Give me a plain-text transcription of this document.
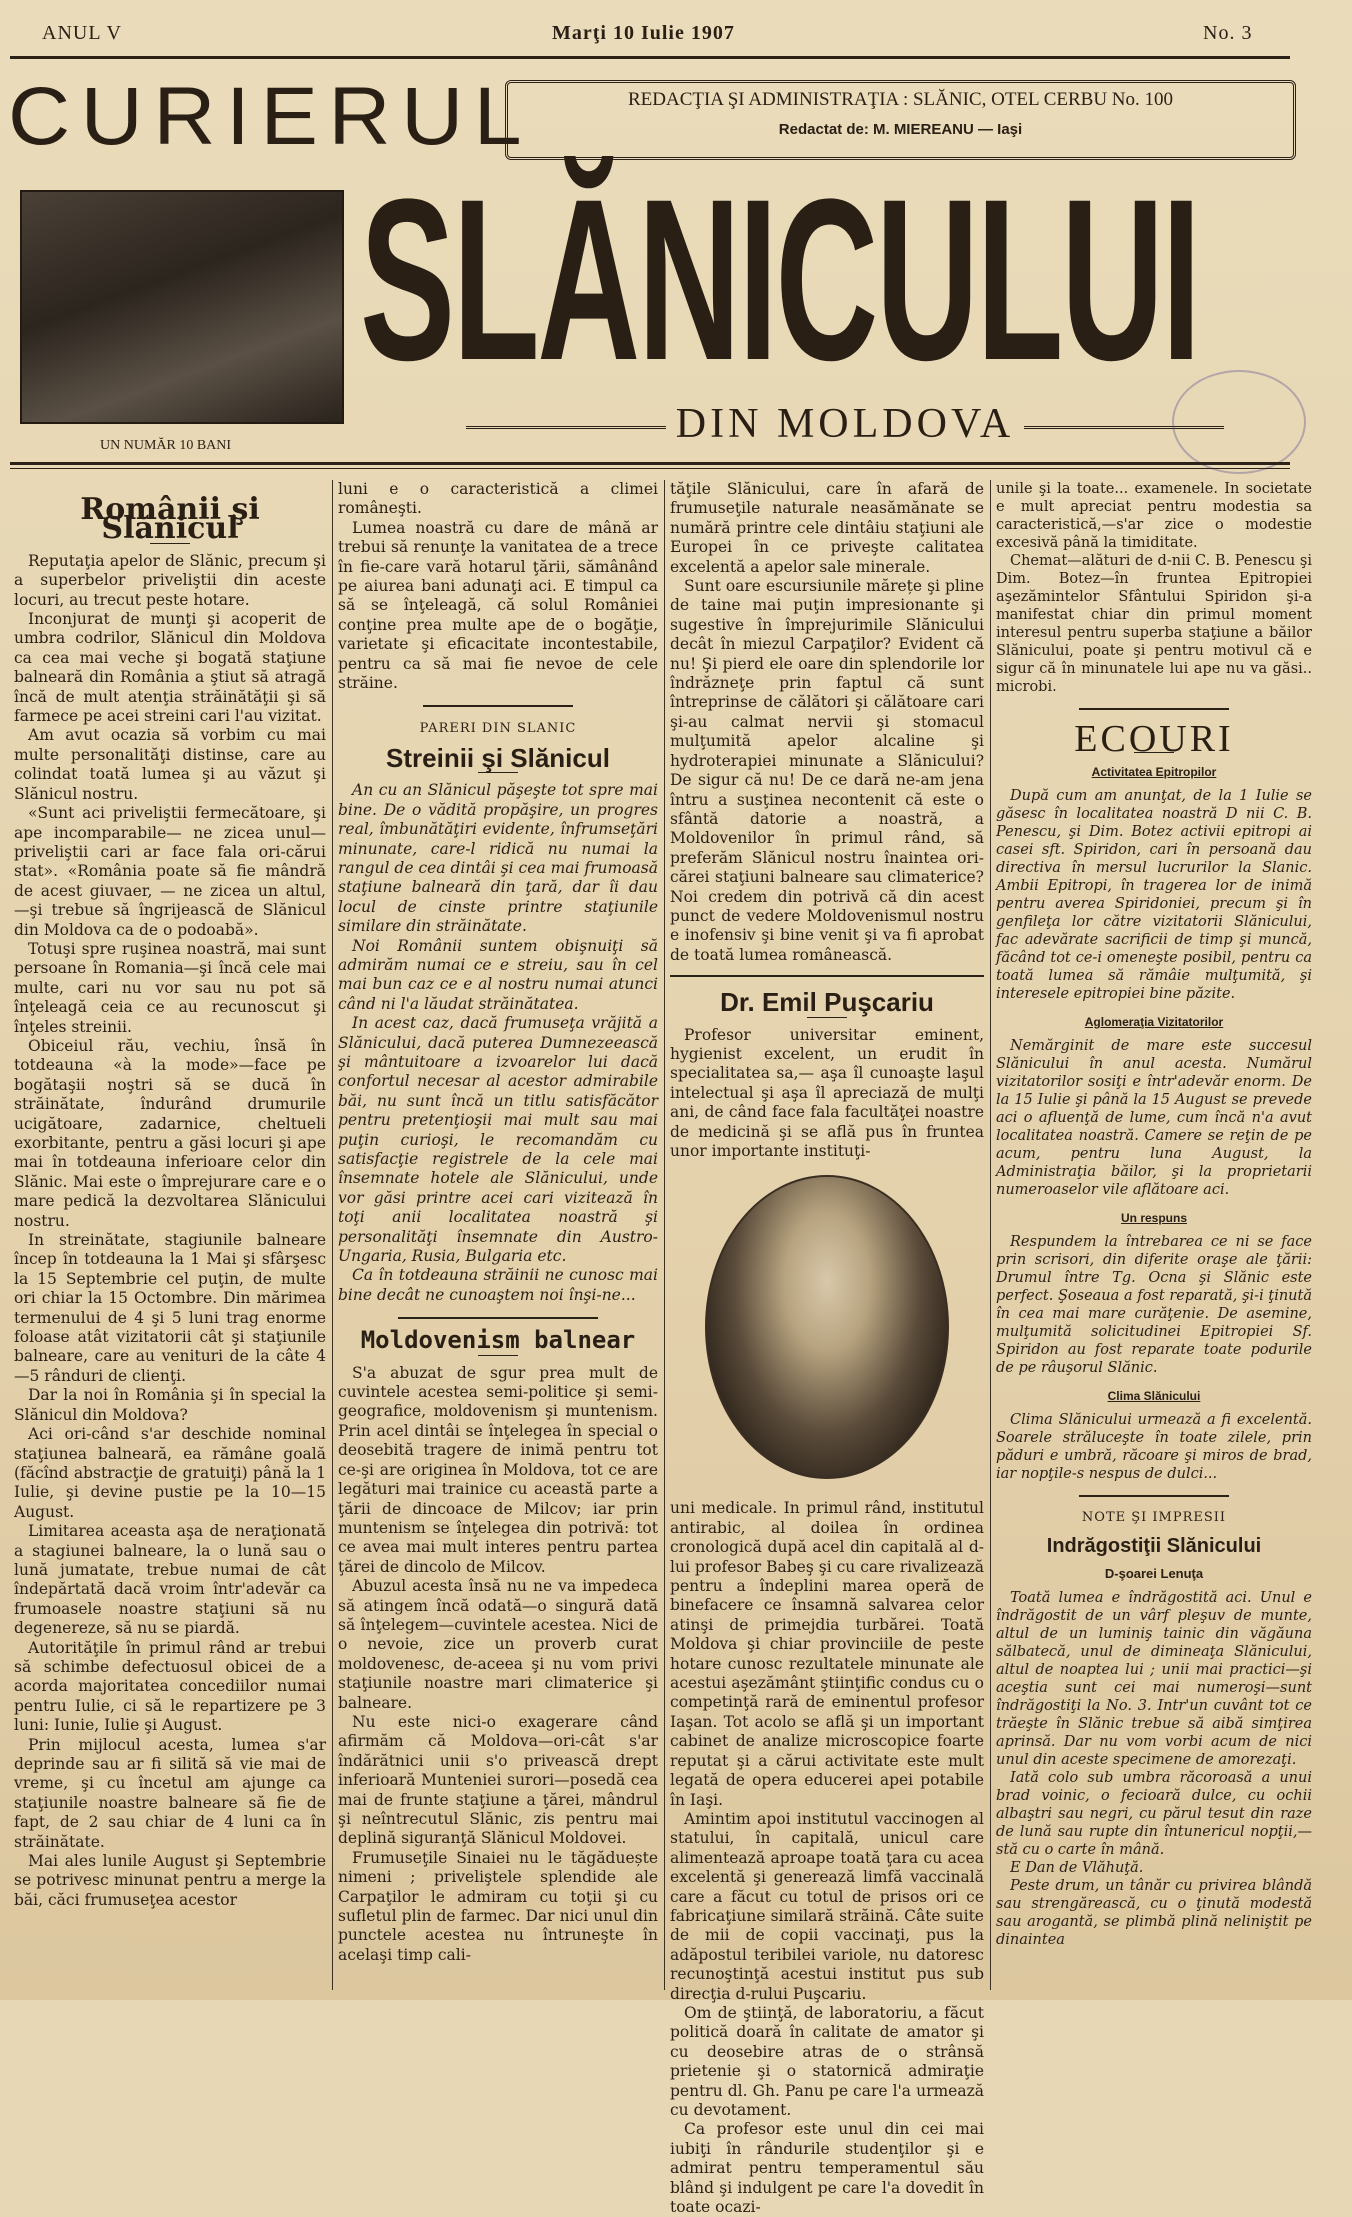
ANUL V	Marţi 10 Iulie 1907	No. 3
CURIERUL	REDACŢIA ŞI ADMINISTRAŢIA : SLĂNIC, OTEL CERBU No. 100
Redactat de: M. MIEREANU — Iaşi
SLĂNICULUI
DIN MOLDOVA
UN NUMĂR 10 BANI
Românii şi Slănicul

Reputaţia apelor de Slănic, precum şi a superbelor priveliştii din aceste locuri, au trecut peste hotare.

Inconjurat de munţi şi acoperit de umbra codrilor, Slănicul din Moldova ca cea mai veche şi bogată staţiune balneară din România a ştiut să atragă încă de mult atenţia străinătăţii şi să farmece pe acei streini cari l'au vizitat.

Am avut ocazia să vorbim cu mai multe personalităţi distinse, care au colindat toată lumea şi au văzut şi Slănicul nostru.

«Sunt aci priveliştii fermecătoare, şi ape incomparabile— ne zicea unul— priveliştii cari ar face fala ori-cărui stat». «România poate să fie mândră de acest giuvaer, — ne zicea un altul, —şi trebue să îngrijească de Slănicul din Moldova ca de o podoabă».

Totuşi spre ruşinea noastră, mai sunt persoane în Romania—şi încă cele mai multe, cari nu vor sau nu pot să înţeleagă ceia ce au recunoscut şi înţeles streinii.

Obiceiul rău, vechiu, însă în totdeauna «à la mode»—face pe bogătaşii noştri să se ducă în străinătate, îndurând drumurile ucigătoare, zadarnice, cheltueli exorbitante, pentru a găsi locuri şi ape mai în totdeauna inferioare celor din Slănic. Mai este o împrejurare care e o mare pedică la dezvoltarea Slănicului nostru.

In streinătate, stagiunile balneare încep în totdeauna la 1 Mai şi sfârşesc la 15 Septembrie cel puţin, de multe ori chiar la 15 Octombre. Din mărimea termenului de 4 şi 5 luni trag enorme foloase atât vizitatorii cât şi staţiunile balneare, care au venituri de la câte 4—5 rânduri de clienţi.

Dar la noi în România şi în special la Slănicul din Moldova?

Aci ori-când s'ar deschide nominal staţiunea balneară, ea rămâne goală (făcînd abstracţie de gratuiţi) până la 1 Iulie, şi devine pustie pe la 10—15 August.

Limitarea aceasta aşa de neraţionată a stagiunei balneare, la o lună sau o lună jumatate, trebue numai de cât îndepărtată dacă vroim într'adevăr ca frumoasele noastre staţiuni să nu degenereze, să nu se piardă.

Autorităţile în primul rând ar trebui să schimbe defectuosul obicei de a acorda majoritatea concediilor numai pentru Iulie, ci să le repartizere pe 3 luni: Iunie, Iulie şi August.

Prin mijlocul acesta, lumea s'ar deprinde sau ar fi silită să vie mai de vreme, şi cu încetul am ajunge ca staţiunile noastre balneare să fie de fapt, de 2 sau chiar de 4 luni ca în străinătate.

Mai ales lunile August şi Septembrie se potrivesc minunat pentru a merge la băi, căci frumuseţea acestor

luni e o caracteristică a climei româneşti.

Lumea noastră cu dare de mână ar trebui să renunţe la vanitatea de a trece în fie-care vară hotarul ţării, sămânând pe aiurea bani adunaţi aci. E timpul ca să se înţeleagă, că solul României conţine prea multe ape de o bogăţie, varietate şi eficacitate incontestabile, pentru ca să mai fie nevoe de cele străine.

PARERI DIN SLANIC
Streinii şi Slănicul

An cu an Slănicul păşeşte tot spre mai bine. De o vădită propăşire, un progres real, îmbunătăţiri evidente, înfrumseţări minunate, care-l ridică nu numai la rangul de cea dintâi şi cea mai frumoasă staţiune balneară din ţară, dar îi dau locul de cinste printre staţiunile similare din străinătate.

Noi Românii suntem obişnuiţi să admirăm numai ce e streiu, sau în cel mai bun caz ce e al nostru numai atunci când ni l'a lăudat străinătatea.

In acest caz, dacă frumuseţa vrăjită a Slănicului, dacă puterea Dumnezeească şi mântuitoare a izvoarelor lui dacă confortul necesar al acestor admirabile băi, nu sunt încă un titlu satisfăcător pentru pretenţioşii mai mult sau mai puţin curioşi, le recomandăm cu satisfacţie registrele de la cele mai însemnate hotele ale Slănicului, unde vor găsi printre acei cari vizitează în toţi anii localitatea noastră şi personalităţi însemnate din Austro-Ungaria, Rusia, Bulgaria etc.

Ca în totdeauna străinii ne cunosc mai bine decât ne cunoaştem noi înşi-ne...

Moldovenism balnear

S'a abuzat de sgur prea mult de cuvintele acestea semi-politice şi semi-geografice, moldovenism şi muntenism. Prin acel dintâi se înţelegea în special o deosebită tragere de inimă pentru tot ce-şi are originea în Moldova, tot ce are legături mai trainice cu această parte a ţării de dincoace de Milcov; iar prin muntenism se înţelegea din potrivă: tot ce avea mai mult interes pentru partea ţărei de dincolo de Milcov.

Abuzul acesta însă nu ne va impedeca să atingem încă odată—o singură dată să înţelegem—cuvintele acestea. Nici de o nevoie, zice un proverb curat moldovenesc, de-aceea şi nu vom privi staţiunile noastre mari climaterice şi balneare.

Nu este nici-o exagerare când afirmăm că Moldova—ori-cât s'ar îndărătnici unii s'o privească drept inferioară Munteniei surori—posedă cea mai de frunte staţiune a ţărei, mândrul şi neîntrecutul Slănic, zis pentru mai deplină siguranţă Slănicul Moldovei.

Frumuseţile Sinaiei nu le tăgăduește nimeni ; priveliştele splendide ale Carpaţilor le admiram cu toţii şi cu sufletul plin de farmec. Dar nici unul din punctele acestea nu întruneşte în acelaşi timp cali-

tăţile Slănicului, care în afară de frumuseţile naturale neasămănate se numără printre cele dintâiu staţiuni ale Europei în ce priveşte calitatea excelentă a apelor sale minerale.

Sunt oare escursiunile mărețe şi pline de taine mai puţin impresionante şi sugestive în împrejurimile Slănicului decât în miezul Carpaţilor? Evident că nu! Şi pierd ele oare din splendorile lor îndrăzneţe prin faptul că sunt întreprinse de călători şi călătoare cari şi-au calmat nervii şi stomacul mulţumită apelor alcaline şi hydroterapiei minunate a Slănicului? De sigur că nu! De ce dară ne-am jena întru a susţinea necontenit că este o sfântă datorie a noastră, a Moldovenilor în primul rând, să preferăm Slănicul nostru înaintea ori-cărei staţiuni balneare sau climaterice? Noi credem din potrivă că din acest punct de vedere Moldovenismul nostru e inofensiv şi bine venit şi va fi aprobat de toată lumea românească.

Dr. Emil Puşcariu

Profesor universitar eminent, hygienist excelent, un erudit în specialitatea sa,— aşa îl cunoaşte laşul intelectual şi aşa îl apreciază de mulţi ani, de când face fala facultăţei noastre de medicină şi se află pus în fruntea unor importante instituţi-

uni medicale. In primul rând, institutul antirabic, al doilea în ordinea cronologică după acel din capitală al d-lui profesor Babeş şi cu care rivalizează pentru a îndeplini marea operă de binefacere ce însamnă salvarea celor atinşi de primejdia turbărei. Toată Moldova şi chiar provinciile de peste hotare cunosc rezultatele minunate ale acestui aşezământ ştiinţific condus cu o competinţă rară de eminentul profesor Iaşan. Tot acolo se află şi un important cabinet de analize microscopice foarte reputat şi a cărui activitate este mult legată de opera educerei apei potabile în Iaşi.

Amintim apoi institutul vaccinogen al statului, în capitală, unicul care alimentează aproape toată ţara cu acea excelentă şi generează limfă vaccinală care a făcut cu totul de prisos ori ce fabricaţiune similară străină. Câte suite de mii de copii vaccinaţi, pus la adăpostul teribilei variole, nu datoresc recunoştinţă acestui institut pus sub direcţia d-rului Puşcariu.

Om de ştiinţă, de laboratoriu, a făcut politică doară în calitate de amator şi cu deosebire atras de o strânsă prietenie şi o statornică admiraţie pentru dl. Gh. Panu pe care l'a urmează cu devotament.

Ca profesor este unul din cei mai iubiţi în rândurile studenţilor şi e admirat pentru temperamentul său blând şi indulgent pe care l'a dovedit în toate ocazi-

unile şi la toate... examenele. In societate e mult apreciat pentru modestia sa caracteristică,—s'ar zice o modestie excesivă până la timiditate.

Chemat—alături de d-nii C. B. Penescu şi Dim. Botez—în fruntea Epitropiei aşezămintelor Sfântului Spiridon şi-a manifestat chiar din primul moment interesul pentru superba staţiune a băilor Slănicului, poate şi pentru motivul că e sigur că în minunatele lui ape nu va găsi.. microbi.

ECOURI
Activitatea Epitropilor

După cum am anunţat, de la 1 Iulie se găsesc în localitatea noastră D nii C. B. Penescu, şi Dim. Botez activii epitropi ai casei sft. Spiridon, cari în persoană dau directiva în mersul lucrurilor la Slanic. Ambii Epitropi, în tragerea lor de inimă pentru averea Spiridoniei, precum şi în genfileţa lor către vizitatorii Slănicului, fac adevărate sacrificii de timp şi muncă, făcând tot ce-i omeneşte posibil, pentru ca toată lumea să rămâie mulţumită, şi interesele epitropiei bine păzite.

Aglomeraţia Vizitatorilor

Nemărginit de mare este succesul Slănicului în anul acesta. Numărul vizitatorilor sosiţi e într'adevăr enorm. De la 15 Iulie şi până la 15 August se prevede aci o afluenţă de lume, cum încă n'a avut localitatea noastră. Camere se reţin de pe acum, pentru luna August, la Administraţia băilor, şi la proprietarii numeroaselor vile aflătoare aci.

Un respuns

Respundem la întrebarea ce ni se face prin scrisori, din diferite oraşe ale ţării: Drumul între Tg. Ocna şi Slănic este perfect. Şoseaua a fost reparată, şi-i ţinută în cea mai mare curăţenie. De asemine, mulţumită solicitudinei Epitropiei Sf. Spiridon au fost reparate toate podurile de pe râuşorul Slănic.

Clima Slănicului

Clima Slănicului urmează a fi excelentă. Soarele străluceşte în toate zilele, prin păduri e umbră, răcoare şi miros de brad, iar nopţile-s nespus de dulci...

NOTE ŞI IMPRESII
Indrăgostiţii Slănicului
D-şoarei Lenuţa

Toată lumea e îndrăgostită aci. Unul e îndrăgostit de un vârf pleşuv de munte, altul de un luminiş tainic din văgăuna sălbatecă, unul de dimineaţa Slănicului, altul de noaptea lui ; unii mai practici—şi aceştia sunt cei mai numeroşi—sunt îndrăgostiţi la No. 3. Intr'un cuvânt tot ce trăeşte în Slănic trebue să aibă simţirea aprinsă. Dar nu vom vorbi acum de nici unul din aceste specimene de amorezaţi.

Iată colo sub umbra răcoroasă a unui brad voinic, o fecioară dulce, cu ochii albaştri sau negri, cu părul tesut din raze de lună sau rupte din întunericul nopţii,—stă cu o carte în mână.

E Dan de Vlăhuţă.

Peste drum, un tânăr cu privirea blândă sau strengărească, cu o ţinută modestă sau arogantă, se plimbă plină neliniştit pe dinaintea
